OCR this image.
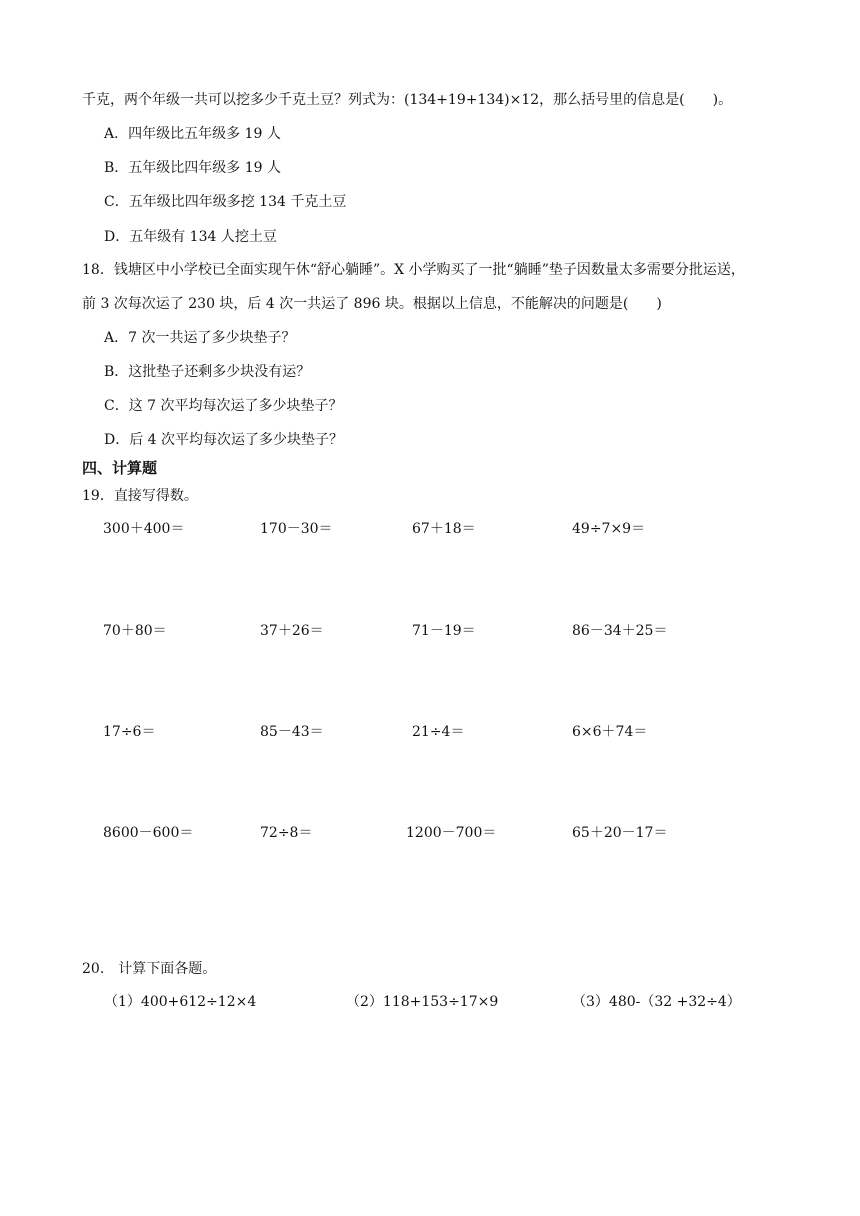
千克，两个年级一共可以挖多少千克土豆？列式为：(134+19+134)×12，那么括号里的信息是(　　)。
A．四年级比五年级多 19 人
B．五年级比四年级多 19 人
C．五年级比四年级多挖 134 千克土豆
D．五年级有 134 人挖土豆
18．钱塘区中小学校已全面实现午休“舒心躺睡”。X 小学购买了一批“躺睡”垫子因数量太多需要分批运送，
前 3 次每次运了 230 块，后 4 次一共运了 896 块。根据以上信息，不能解决的问题是(　　)
A．7 次一共运了多少块垫子？
B．这批垫子还剩多少块没有运？
C．这 7 次平均每次运了多少块垫子？
D．后 4 次平均每次运了多少块垫子？
四、计算题
19．直接写得数。
300＋400＝	170－30＝	67＋18＝	49÷7×9＝
70＋80＝	37＋26＝	71－19＝	86－34＋25＝
17÷6＝	85－43＝	21÷4＝	6×6＋74＝
8600－600＝	72÷8＝	1200－700＝	65＋20－17＝
20.　计算下面各题。
（1）400+612÷12×4	（2）118+153÷17×9	（3）480-（32 +32÷4）
